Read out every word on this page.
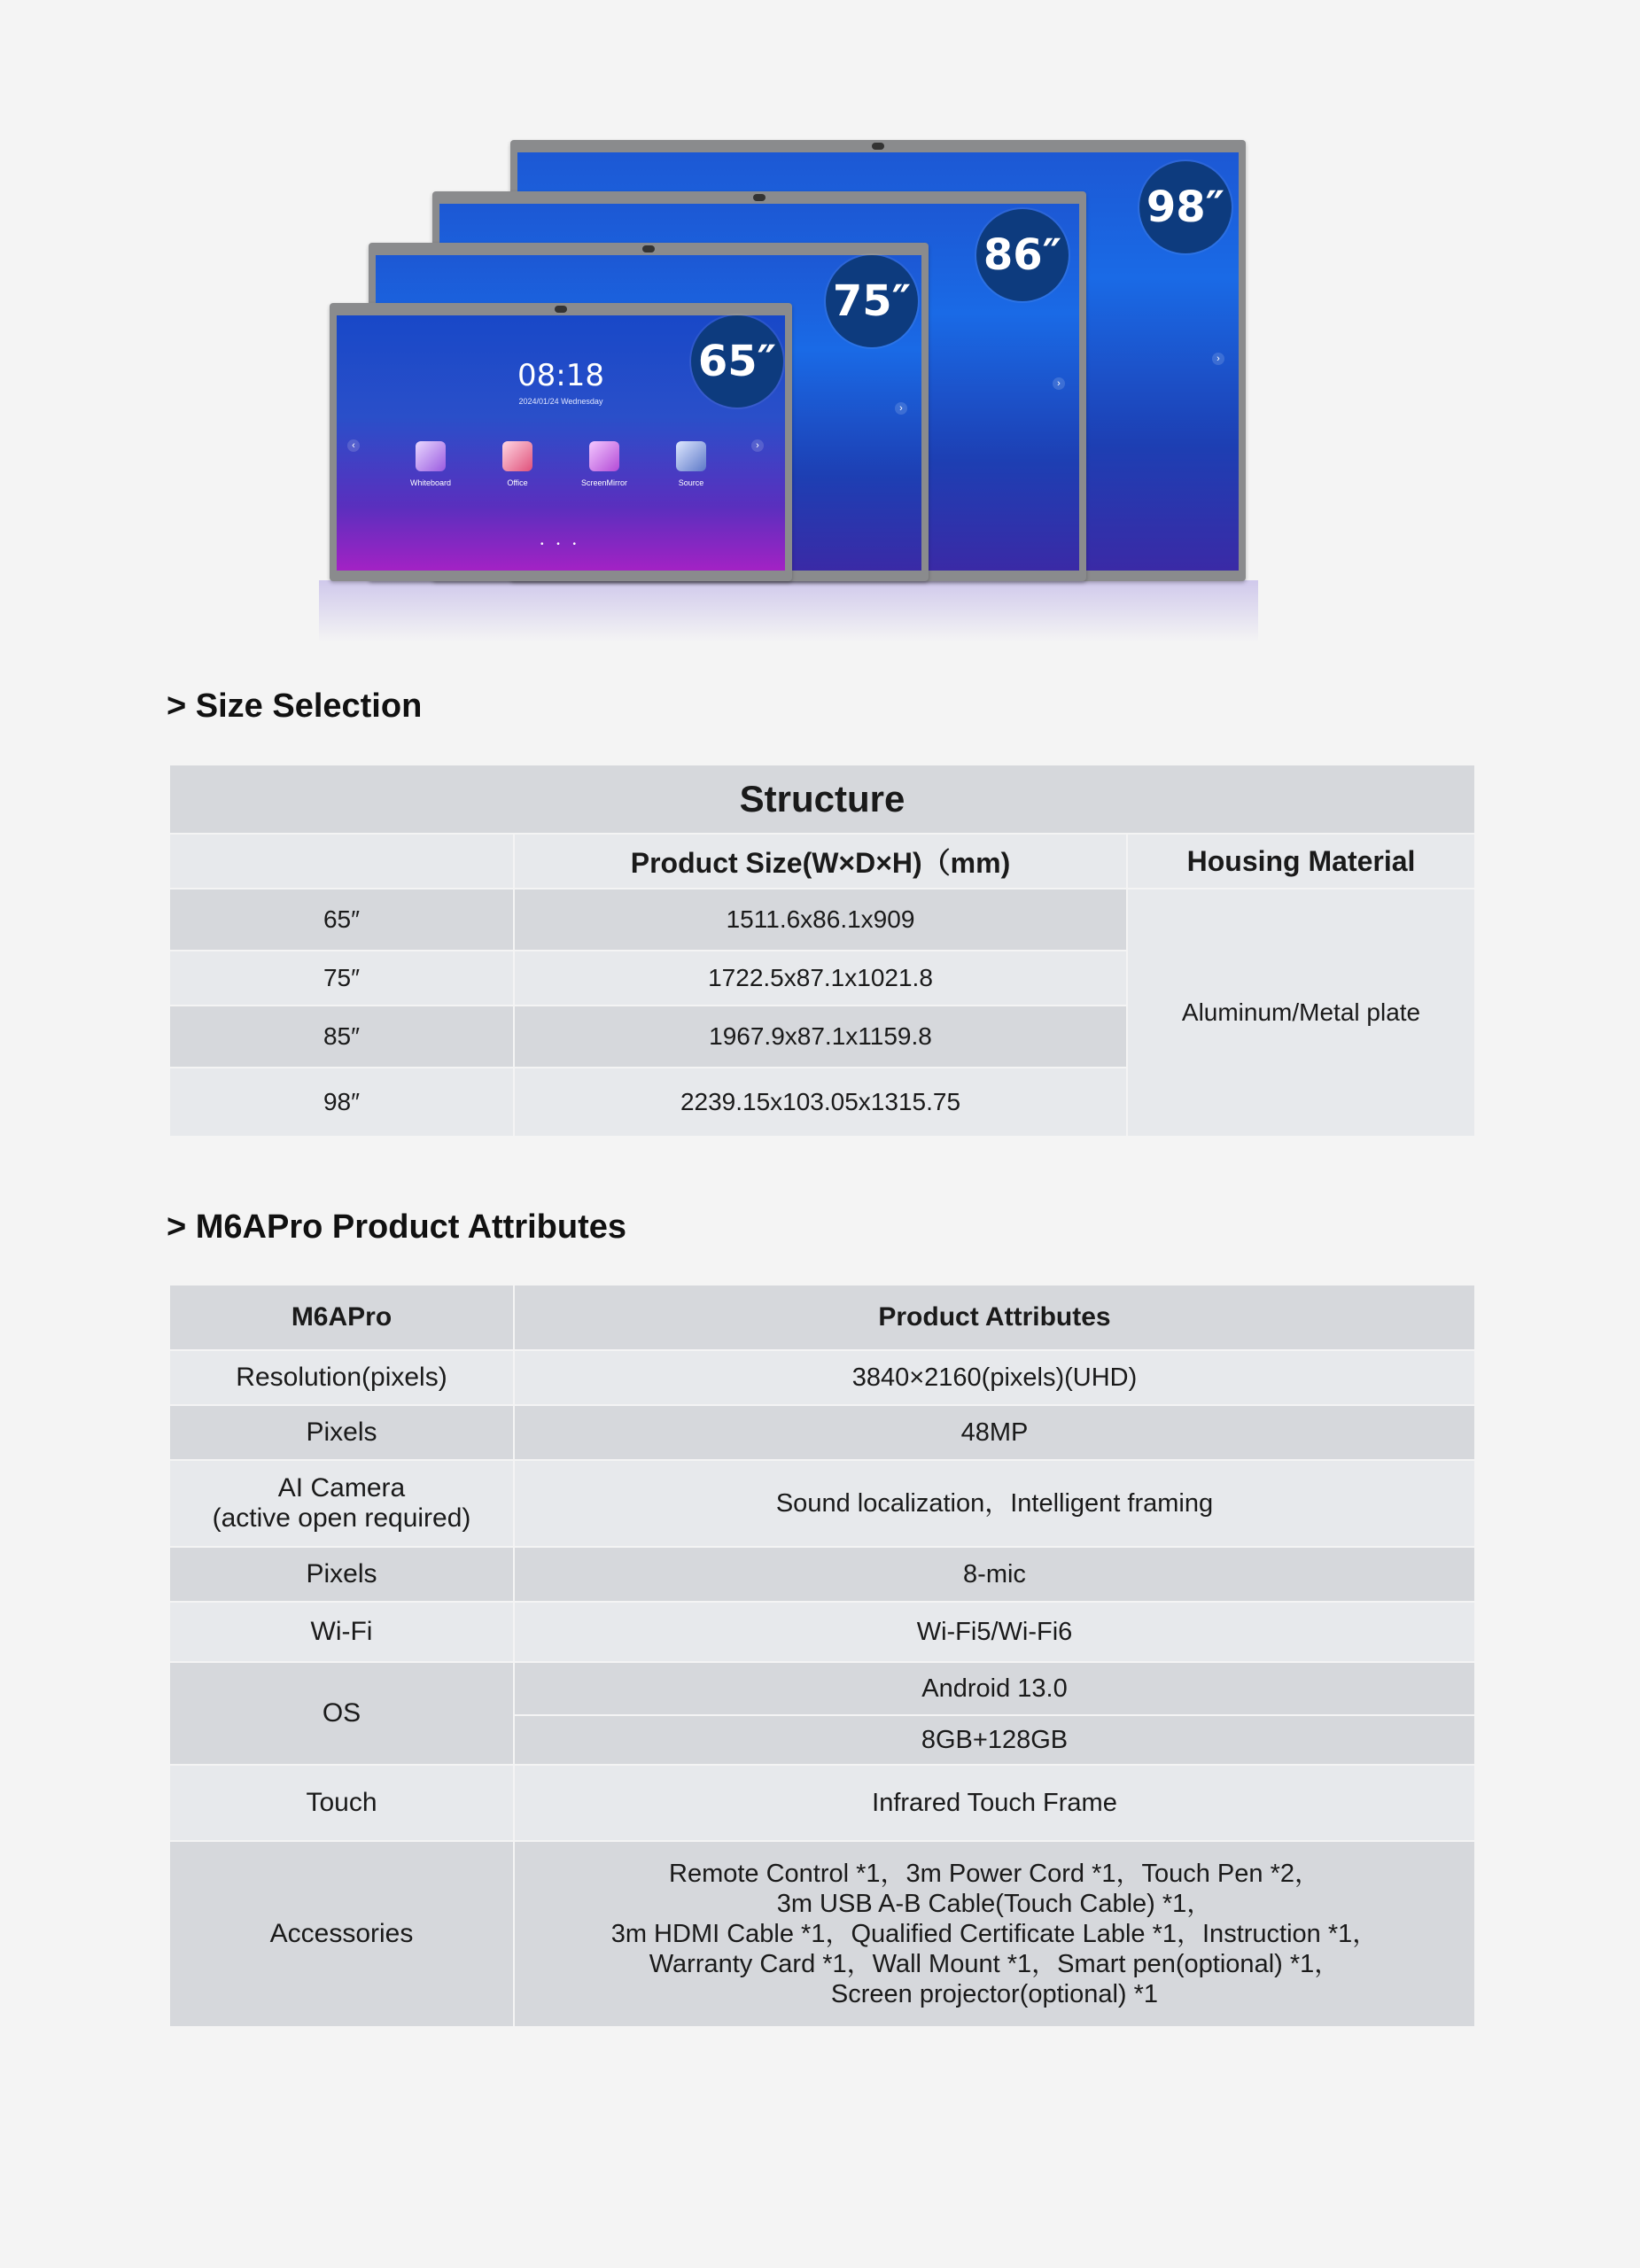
›
98″
›
86″
›
75″
08:18
2024/01/24 Wednesday
‹	›
Whiteboard	Office	ScreenMirror	Source
• • •
65″
> Size Selection
Structure		
	Product Size(W×D×H)（mm)	Housing Material
65″	1511.6x86.1x909	Aluminum/Metal plate
75″	1722.5x87.1x1021.8	
85″	1967.9x87.1x1159.8	
98″	2239.15x103.05x1315.75	
> M6APro Product Attributes
M6APro	Product Attributes
Resolution(pixels)	3840×2160(pixels)(UHD)
Pixels	48MP

AI Camera
(active open required)	Sound localization，Intelligent framing
Pixels	8-mic
Wi-Fi	Wi-Fi5/Wi-Fi6
OS	Android 13.0
	8GB+128GB
Touch	Infrared Touch Frame
Accessories	Remote Control *1，3m Power Cord *1，Touch Pen *2，
3m USB A-B Cable(Touch Cable) *1，
3m HDMI Cable *1，Qualified Certificate Lable *1，Instruction *1，
Warranty Card *1，Wall Mount *1，Smart pen(optional) *1，
Screen projector(optional) *1
